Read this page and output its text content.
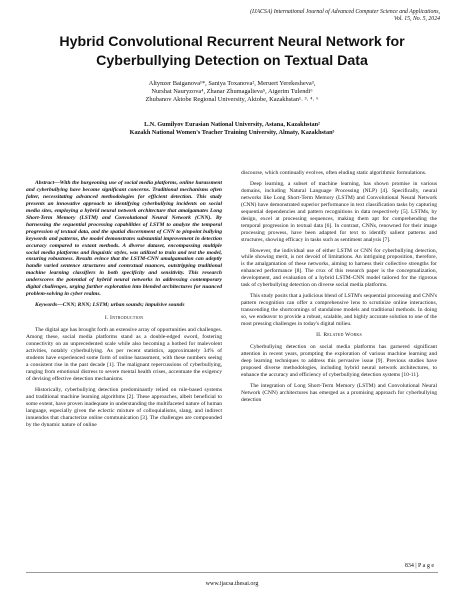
(IJACSA) International Journal of Advanced Computer Science and Applications,
Vol. 15, No. 5, 2024
Hybrid Convolutional Recurrent Neural Network for
Cyberbullying Detection on Textual Data
Altynzer Baiganova¹*, Saniya Toxanova², Meruert Yerekesheva³,
Nurshat Nauryzova⁴, Zhanar Zhumagalieva⁵, Aigerim Tulendi⁶
Zhubanov Aktobe Regional University, Aktobe, Kazakhstan¹˒ ³˒ ⁴˒ ⁶
L.N. Gumilyov Eurasian National University, Astana, Kazakhstan²
Kazakh National Women's Teacher Training University, Almaty, Kazakhstan⁵
Abstract—With the burgeoning use of social media platforms, online harassment and cyberbullying have become significant concerns. Traditional mechanisms often falter, necessitating advanced methodologies for efficient detection. This study presents an innovative approach to identifying cyberbullying incidents on social media sites, employing a hybrid neural network architecture that amalgamates Long Short-Term Memory (LSTM) and Convolutional Neural Network (CNN). By harnessing the sequential processing capabilities of LSTM to analyze the temporal progression of textual data, and the spatial discernment of CNN to pinpoint bullying keywords and patterns, the model demonstrates substantial improvement in detection accuracy compared to extant methods. A diverse dataset, encompassing multiple social media platforms and linguistic styles, was utilized to train and test the model, ensuring robustness. Results evince that the LSTM-CNN amalgamation can adeptly handle varied sentence structures and contextual nuances, outstripping traditional machine learning classifiers in both specificity and sensitivity. This research underscores the potential of hybrid neural networks in addressing contemporary digital challenges, urging further exploration into blended architectures for nuanced problem-solving in cyber realms.
Keywords—CNN; RNN; LSTM; urban sounds; impulsive sounds
I. Introduction

The digital age has brought forth an extensive array of opportunities and challenges. Among these, social media platforms stand as a double-edged sword, fostering connectivity on an unprecedented scale while also becoming a hotbed for malevolent activities, notably cyberbullying. As per recent statistics, approximately 34% of students have experienced some form of online harassment, with these numbers seeing a consistent rise in the past decade [1]. The malignant repercussions of cyberbullying, ranging from emotional distress to severe mental health crises, accentuate the exigency of devising effective detection mechanisms.

Historically, cyberbullying detection predominantly relied on rule-based systems and traditional machine learning algorithms [2]. These approaches, albeit beneficial to some extent, have proven inadequate in understanding the multifaceted nature of human language, especially given the eclectic mixture of colloquialisms, slang, and indirect innuendos that characterize online communication [3]. The challenges are compounded by the dynamic nature of online

discourse, which continually evolves, often eluding static algorithmic formulations.

Deep learning, a subset of machine learning, has shown promise in various domains, including Natural Language Processing (NLP) [4]. Specifically, neural networks like Long Short-Term Memory (LSTM) and Convolutional Neural Network (CNN) have demonstrated superior performance in text classification tasks by capturing sequential dependencies and pattern recognitions in data respectively [5]. LSTMs, by design, excel at processing sequences, making them apt for comprehending the temporal progression in textual data [6]. In contrast, CNNs, renowned for their image processing prowess, have been adapted for text to identify salient patterns and structures, showing efficacy in tasks such as sentiment analysis [7].

However, the individual use of either LSTM or CNN for cyberbullying detection, while showing merit, is not devoid of limitations. An intriguing proposition, therefore, is the amalgamation of these networks, aiming to harness their collective strengths for enhanced performance [8]. The crux of this research paper is the conceptualization, development, and evaluation of a hybrid LSTM-CNN model tailored for the rigorous task of cyberbullying detection on diverse social media platforms.

This study posits that a judicious blend of LSTM's sequential processing and CNN's pattern recognition can offer a comprehensive lens to scrutinize online interactions, transcending the shortcomings of standalone models and traditional methods. In doing so, we endeavor to provide a robust, scalable, and highly accurate solution to one of the most pressing challenges in today's digital milieu.

II. Related Works

Cyberbullying detection on social media platforms has garnered significant attention in recent years, prompting the exploration of various machine learning and deep learning techniques to address this pervasive issue [9]. Previous studies have proposed diverse methodologies, including hybrid neural network architectures, to enhance the accuracy and efficiency of cyberbullying detection systems [10-11].

The integration of Long Short-Term Memory (LSTM) and Convolutional Neural Network (CNN) architectures has emerged as a promising approach for cyberbullying detection

834 | P a g e
www.ijacsa.thesai.org
